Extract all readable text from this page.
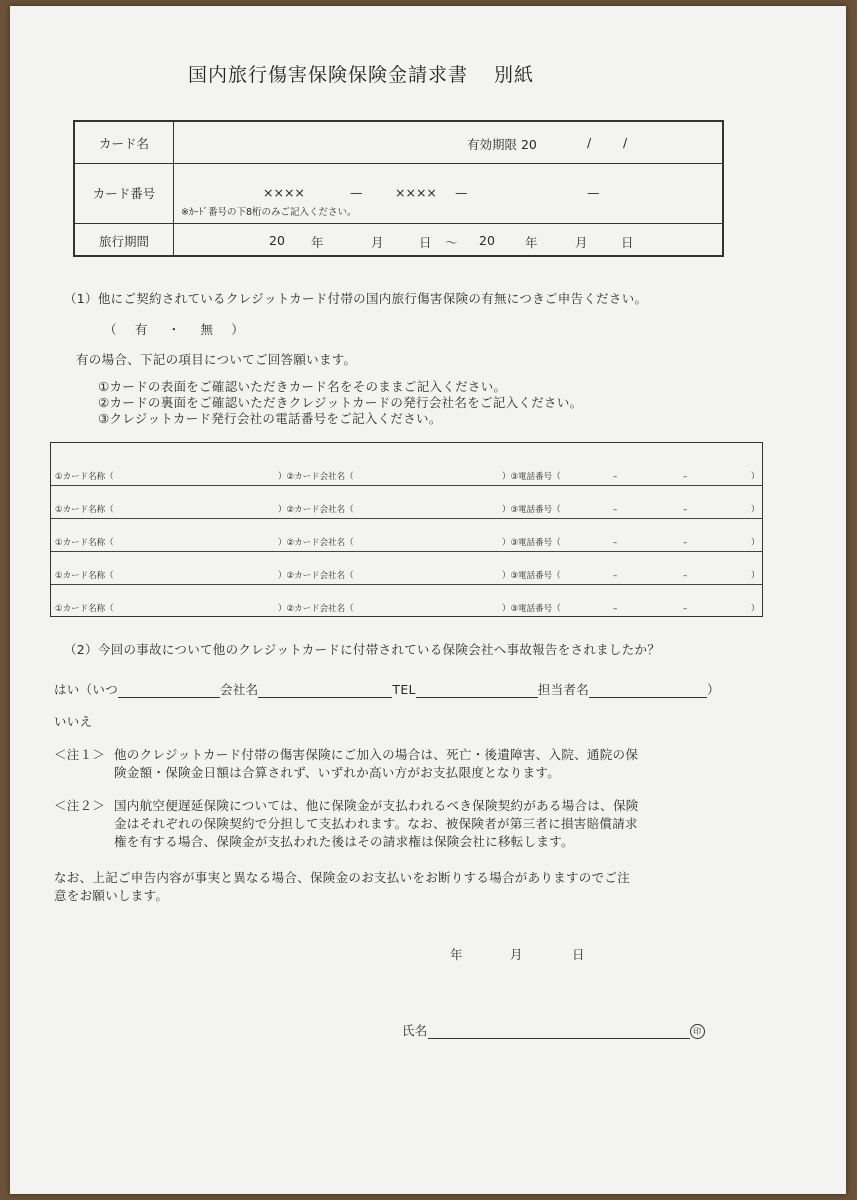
国内旅行傷害保険保険金請求書 別紙
カード名	有効期限 20	/	/
カード番号	××××	—	×××× —	—
※ｶｰﾄﾞ番号の下8桁のみご記入ください。
旅行期間	20 年	月	日 〜 20 年	月	日
（1）他にご契約されているクレジットカード付帯の国内旅行傷害保険の有無につきご申告ください。
（ 有 ・ 無 ）
有の場合、下記の項目についてご回答願います。
①カードの表面をご確認いただきカード名をそのままご記入ください。
②カードの裏面をご確認いただきクレジットカードの発行会社名をご記入ください。
③クレジットカード発行会社の電話番号をご記入ください。
①カード名称（	）②カード会社名（	）③電話番号（	–	–	）
①カード名称（	）②カード会社名（	）③電話番号（	–	–	）
①カード名称（	）②カード会社名（	）③電話番号（	–	–	）
①カード名称（	）②カード会社名（	）③電話番号（	–	–	）
①カード名称（	）②カード会社名（	）③電話番号（	–	–	）
（2）今回の事故について他のクレジットカードに付帯されている保険会社へ事故報告をされましたか？
はい（いつ	会社名	TEL	担当者名	）
いいえ
＜注１＞ 他のクレジットカード付帯の傷害保険にご加入の場合は、死亡・後遺障害、入院、通院の保
険金額・保険金日額は合算されず、いずれか高い方がお支払限度となります。
＜注２＞ 国内航空便遅延保険については、他に保険金が支払われるべき保険契約がある場合は、保険
金はそれぞれの保険契約で分担して支払われます。なお、被保険者が第三者に損害賠償請求
権を有する場合、保険金が支払われた後はその請求権は保険会社に移転します。
なお、上記ご申告内容が事実と異なる場合、保険金のお支払いをお断りする場合がありますのでご注
意をお願いします。
年	月	日
氏名	印
